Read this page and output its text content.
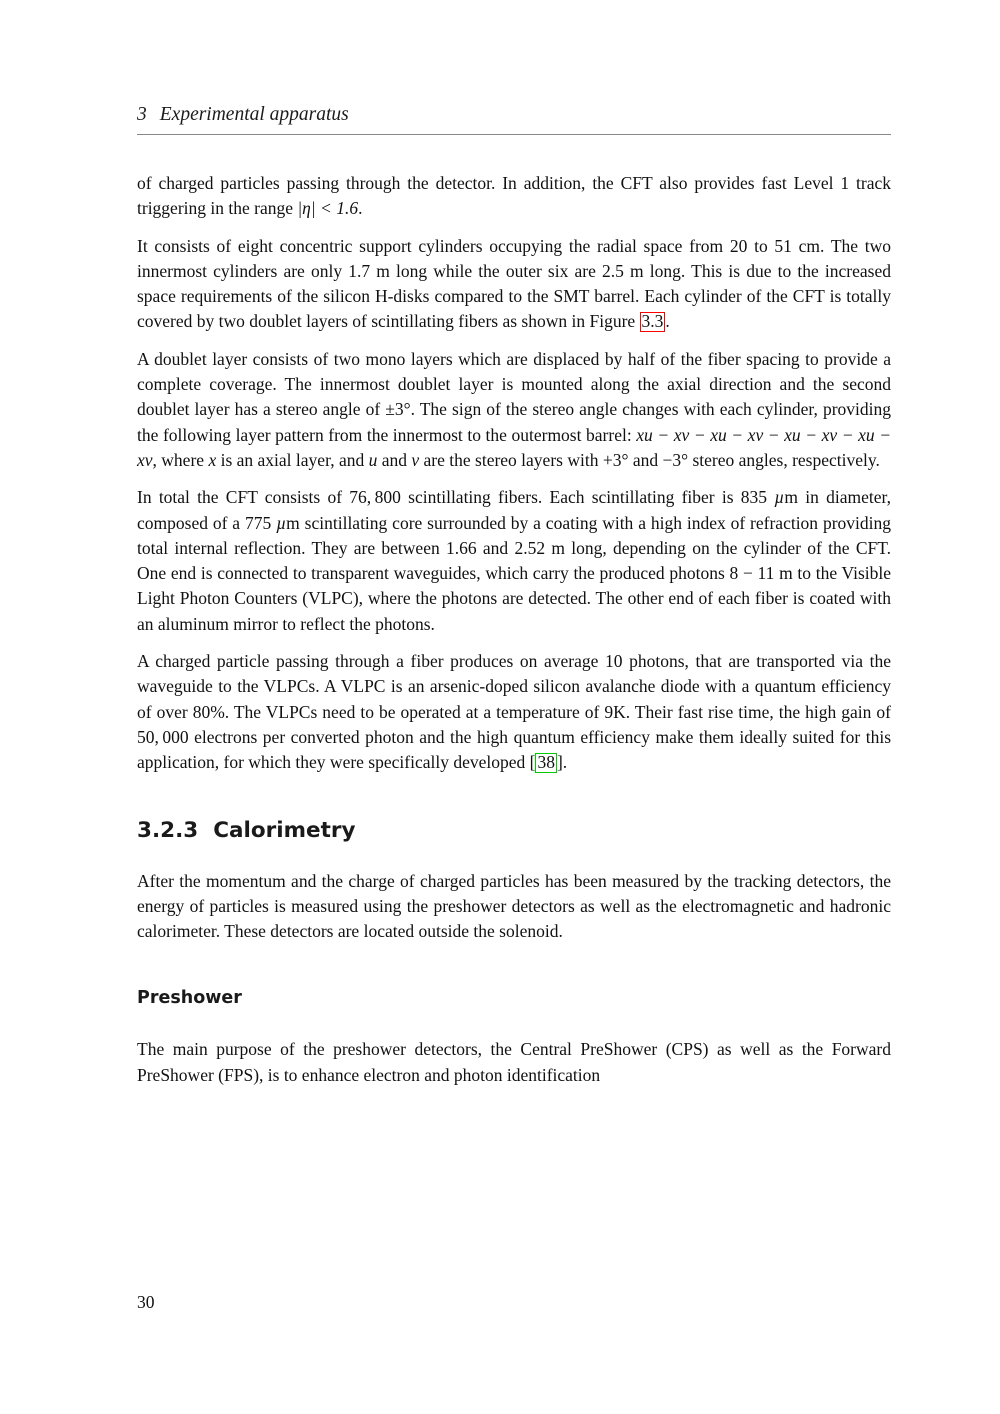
3 Experimental apparatus

of charged particles passing through the detector. In addition, the CFT also provides fast Level 1 track triggering in the range |η| < 1.6.

It consists of eight concentric support cylinders occupying the radial space from 20 to 51 cm. The two innermost cylinders are only 1.7 m long while the outer six are 2.5 m long. This is due to the increased space requirements of the silicon H-disks compared to the SMT barrel. Each cylinder of the CFT is totally covered by two doublet layers of scintillating fibers as shown in Figure 3.3 .

A doublet layer consists of two mono layers which are displaced by half of the fiber spacing to provide a complete coverage. The innermost doublet layer is mounted along the axial direction and the second doublet layer has a stereo angle of ±3°. The sign of the stereo angle changes with each cylinder, providing the following layer pattern from the innermost to the outermost barrel: xu − xv − xu − xv − xu − xv − xu − xv, where x is an axial layer, and u and v are the stereo layers with +3° and −3° stereo angles, respectively.

In total the CFT consists of 76, 800 scintillating fibers. Each scintillating fiber is 835 µm in diameter, composed of a 775 µm scintillating core surrounded by a coating with a high index of refraction providing total internal reflection. They are between 1.66 and 2.52 m long, depending on the cylinder of the CFT. One end is connected to transparent waveguides, which carry the produced photons 8 − 11 m to the Visible Light Photon Counters (VLPC), where the photons are detected. The other end of each fiber is coated with an aluminum mirror to reflect the photons.

A charged particle passing through a fiber produces on average 10 photons, that are transported via the waveguide to the VLPCs. A VLPC is an arsenic-doped silicon avalanche diode with a quantum efficiency of over 80%. The VLPCs need to be operated at a temperature of 9K. Their fast rise time, the high gain of 50, 000 electrons per converted photon and the high quantum efficiency make them ideally suited for this application, for which they were specifically developed [ 38 ].

3.2.3 Calorimetry

After the momentum and the charge of charged particles has been measured by the tracking detectors, the energy of particles is measured using the preshower detectors as well as the electromagnetic and hadronic calorimeter. These detectors are located outside the solenoid.

Preshower

The main purpose of the preshower detectors, the Central PreShower (CPS) as well as the Forward PreShower (FPS), is to enhance electron and photon identification

30
